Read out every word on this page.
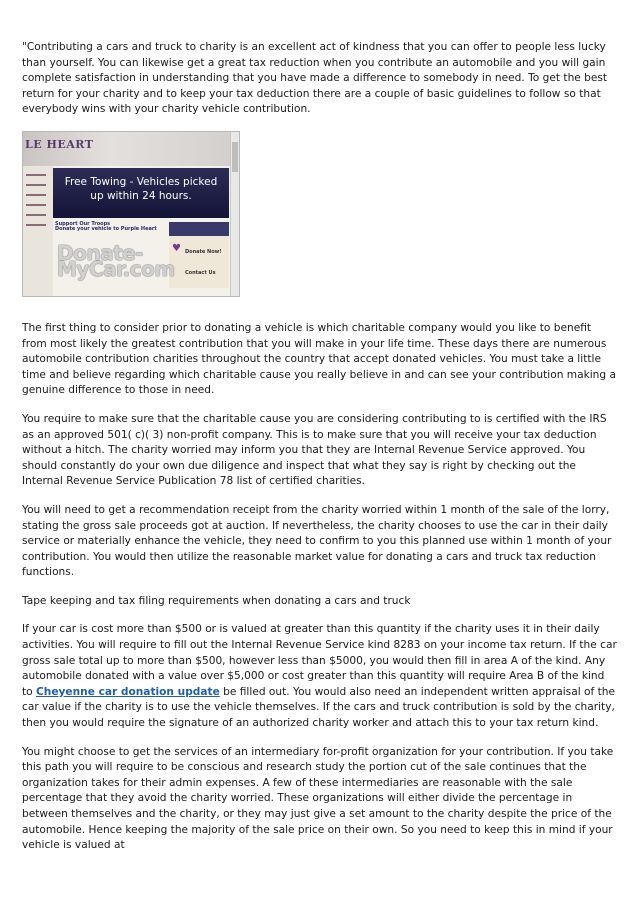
"Contributing a cars and truck to charity is an excellent act of kindness that you can offer to people less lucky than yourself. You can likewise get a great tax reduction when you contribute an automobile and you will gain complete satisfaction in understanding that you have made a difference to somebody in need. To get the best return for your charity and to keep your tax deduction there are a couple of basic guidelines to follow so that everybody wins with your charity vehicle contribution.

LE HEART
Free Towing - Vehicles picked
up within 24 hours.
Support Our Troops
Donate your vehicle to Purple Heart
♥ Donate Now!
Contact Us
Donate-MyCar.com

The first thing to consider prior to donating a vehicle is which charitable company would you like to benefit from most likely the greatest contribution that you will make in your life time. These days there are numerous automobile contribution charities throughout the country that accept donated vehicles. You must take a little time and believe regarding which charitable cause you really believe in and can see your contribution making a genuine difference to those in need.

You require to make sure that the charitable cause you are considering contributing to is certified with the IRS as an approved 501( c)( 3) non-profit company. This is to make sure that you will receive your tax deduction without a hitch. The charity worried may inform you that they are Internal Revenue Service approved. You should constantly do your own due diligence and inspect that what they say is right by checking out the Internal Revenue Service Publication 78 list of certified charities.

You will need to get a recommendation receipt from the charity worried within 1 month of the sale of the lorry, stating the gross sale proceeds got at auction. If nevertheless, the charity chooses to use the car in their daily service or materially enhance the vehicle, they need to confirm to you this planned use within 1 month of your contribution. You would then utilize the reasonable market value for donating a cars and truck tax reduction functions.

Tape keeping and tax filing requirements when donating a cars and truck

If your car is cost more than $500 or is valued at greater than this quantity if the charity uses it in their daily activities. You will require to fill out the Internal Revenue Service kind 8283 on your income tax return. If the car gross sale total up to more than $500, however less than $5000, you would then fill in area A of the kind. Any automobile donated with a value over $5,000 or cost greater than this quantity will require Area B of the kind to Cheyenne car donation update be filled out. You would also need an independent written appraisal of the car value if the charity is to use the vehicle themselves. If the cars and truck contribution is sold by the charity, then you would require the signature of an authorized charity worker and attach this to your tax return kind.

You might choose to get the services of an intermediary for-profit organization for your contribution. If you take this path you will require to be conscious and research study the portion cut of the sale continues that the organization takes for their admin expenses. A few of these intermediaries are reasonable with the sale percentage that they avoid the charity worried. These organizations will either divide the percentage in between themselves and the charity, or they may just give a set amount to the charity despite the price of the automobile. Hence keeping the majority of the sale price on their own. So you need to keep this in mind if your vehicle is valued at
